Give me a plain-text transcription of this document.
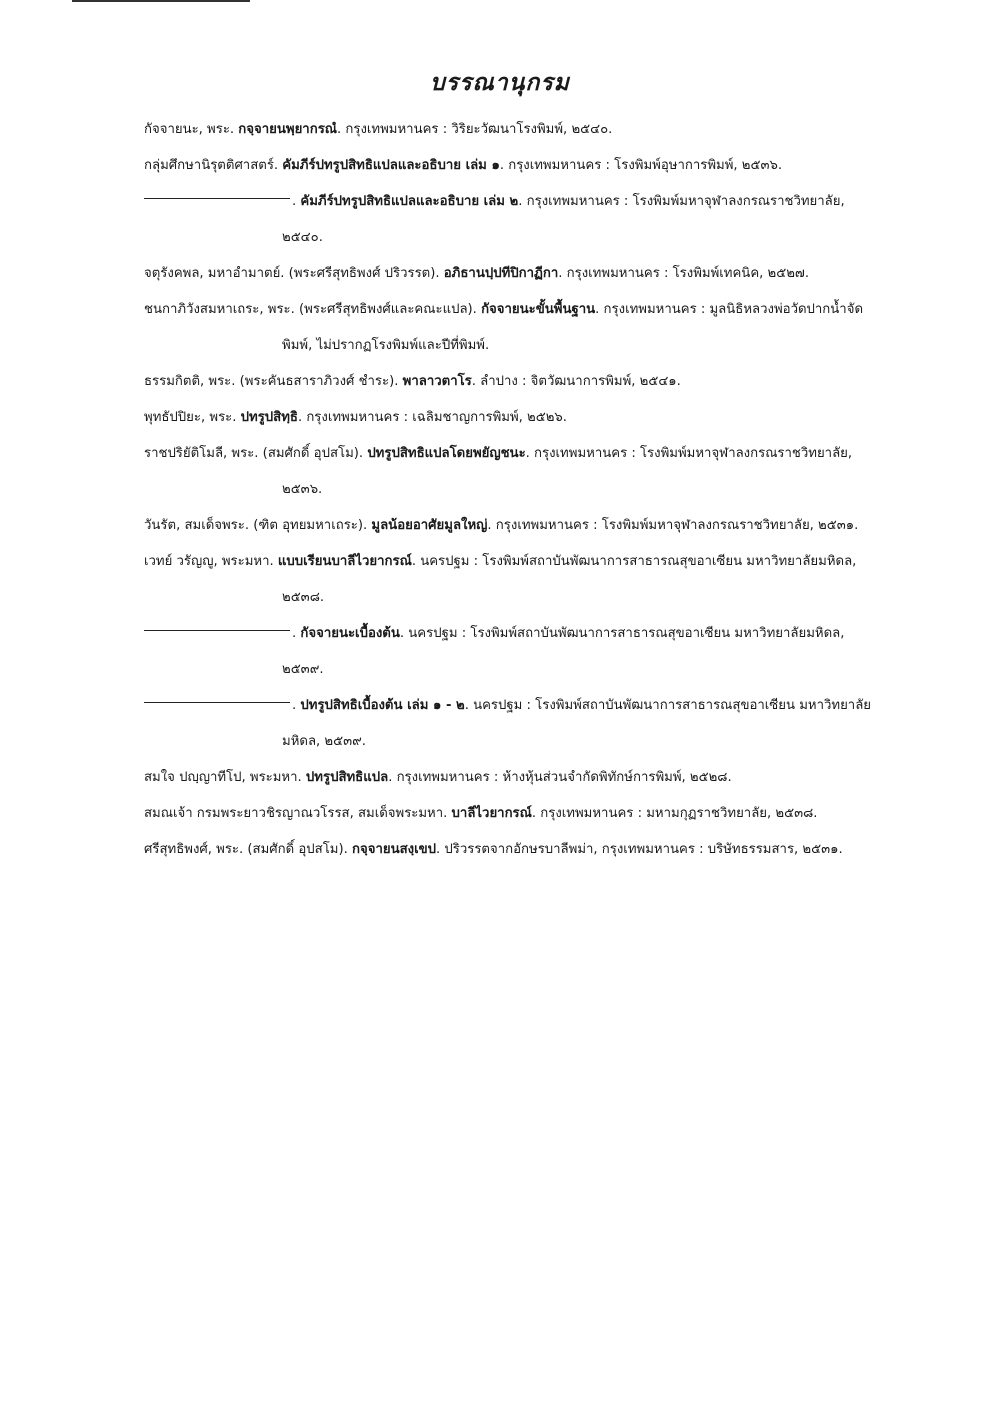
บรรณานุกรม
กัจจายนะ, พระ. กจฺจายนพฺยากรณํ. กรุงเทพมหานคร : วิริยะวัฒนาโรงพิมพ์, ๒๕๔๐.
กลุ่มศึกษานิรุตติศาสตร์. คัมภีร์ปทรูปสิทธิแปลและอธิบาย เล่ม ๑. กรุงเทพมหานคร : โรงพิมพ์อุษาการพิมพ์, ๒๕๓๖.
. คัมภีร์ปทรูปสิทธิแปลและอธิบาย เล่ม ๒. กรุงเทพมหานคร : โรงพิมพ์มหาจุฬาลงกรณราชวิทยาลัย, ๒๕๔๐.
จตุรังคพล, มหาอำมาตย์. (พระศรีสุทธิพงศ์ ปริวรรต). อภิธานปฺปทีปิกาฏีกา. กรุงเทพมหานคร : โรงพิมพ์เทคนิค, ๒๕๒๗.
ชนกาภิวังสมหาเถระ, พระ. (พระศรีสุทธิพงศ์และคณะแปล). กัจจายนะขั้นพื้นฐาน. กรุงเทพมหานคร : มูลนิธิหลวงพ่อวัดปากน้ำจัดพิมพ์, ไม่ปรากฏโรงพิมพ์และปีที่พิมพ์.
ธรรมกิตติ, พระ. (พระคันธสาราภิวงศ์ ชำระ). พาลาวตาโร. ลำปาง : จิตวัฒนาการพิมพ์, ๒๕๔๑.
พุทธัปปิยะ, พระ. ปทรูปสิทฺธิ. กรุงเทพมหานคร : เฉลิมชาญการพิมพ์, ๒๕๒๖.
ราชปริยัติโมลี, พระ. (สมศักดิ์ อุปสโม). ปทรูปสิทธิแปลโดยพยัญชนะ. กรุงเทพมหานคร : โรงพิมพ์มหาจุฬาลงกรณราชวิทยาลัย, ๒๕๓๖.
วันรัต, สมเด็จพระ. (ฑิต อุทยมหาเถระ). มูลน้อยอาศัยมูลใหญ่. กรุงเทพมหานคร : โรงพิมพ์มหาจุฬาลงกรณราชวิทยาลัย, ๒๕๓๑.
เวทย์ วรัญญู, พระมหา. แบบเรียนบาลีไวยากรณ์. นครปฐม : โรงพิมพ์สถาบันพัฒนาการสาธารณสุขอาเซียน มหาวิทยาลัยมหิดล, ๒๕๓๘.
. กัจจายนะเบื้องต้น. นครปฐม : โรงพิมพ์สถาบันพัฒนาการสาธารณสุขอาเซียน มหาวิทยาลัยมหิดล, ๒๕๓๙.
. ปทรูปสิทธิเบื้องต้น เล่ม ๑ - ๒. นครปฐม : โรงพิมพ์สถาบันพัฒนาการสาธารณสุขอาเซียน มหาวิทยาลัยมหิดล, ๒๕๓๙.
สมใจ ปญฺญาทีโป, พระมหา. ปทรูปสิทธิแปล. กรุงเทพมหานคร : ห้างหุ้นส่วนจำกัดพิทักษ์การพิมพ์, ๒๕๒๘.
สมณเจ้า กรมพระยาวชิรญาณวโรรส, สมเด็จพระมหา. บาลีไวยากรณ์. กรุงเทพมหานคร : มหามกุฏราชวิทยาลัย, ๒๕๓๘.
ศรีสุทธิพงศ์, พระ. (สมศักดิ์ อุปสโม). กจฺจายนสงฺเขป. ปริวรรตจากอักษรบาลีพม่า, กรุงเทพมหานคร : บริษัทธรรมสาร, ๒๕๓๑.
